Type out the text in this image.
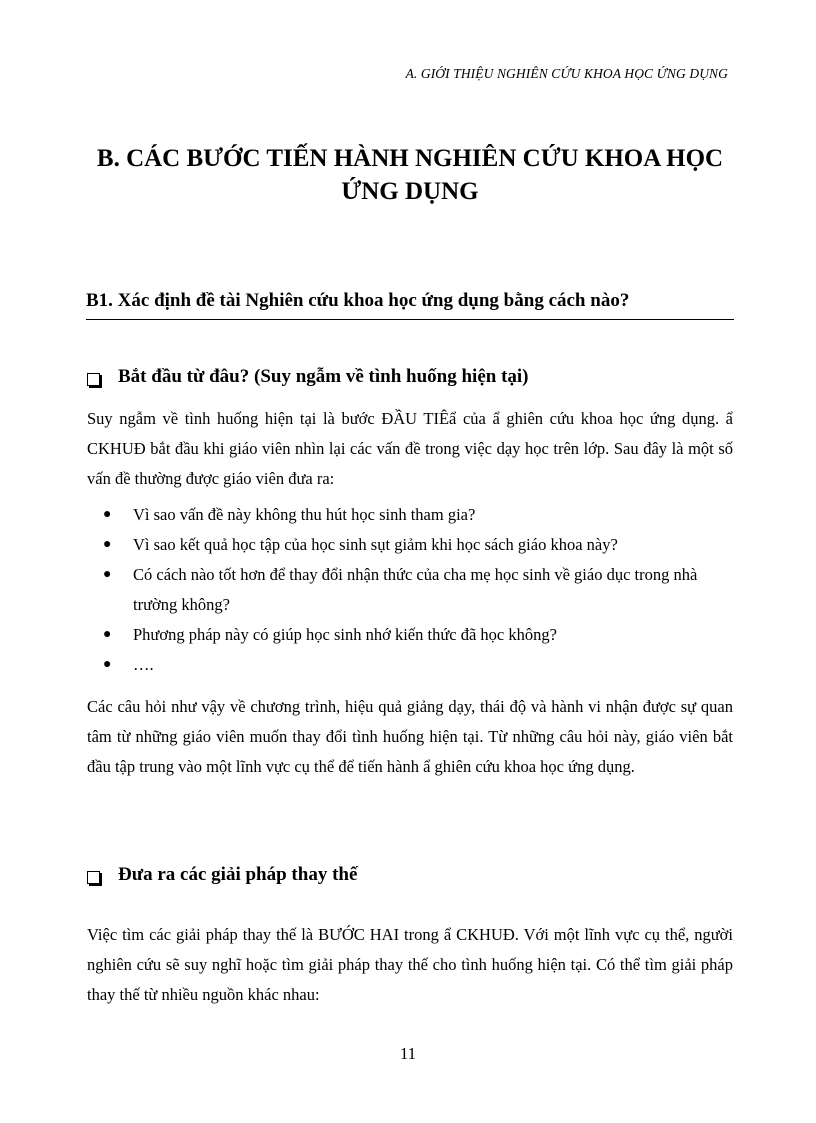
A. GIỚI THIỆU NGHIÊN CỨU KHOA HỌC ỨNG DỤNG
B. CÁC BƯỚC TIẾN HÀNH NGHIÊN CỨU KHOA HỌC ỨNG DỤNG
B1. Xác định đề tài Nghiên cứu khoa học ứng dụng bằng cách nào?
Bắt đầu từ đâu? (Suy ngẫm về tình huống hiện tại)

Suy ngẫm về tình huống hiện tại là bước ĐẦU TIÊẩ của ẩ ghiên cứu khoa học ứng dụng. ẩ CKHUĐ bắt đầu khi giáo viên nhìn lại các vấn đề trong việc dạy học trên lớp. Sau đây là một số vấn đề thường được giáo viên đưa ra:

● Vì sao vấn đề này không thu hút học sinh tham gia?
● Vì sao kết quả học tập của học sinh sụt giảm khi học sách giáo khoa này?
● Có cách nào tốt hơn để thay đổi nhận thức của cha mẹ học sinh về giáo dục trong nhà trường không?
● Phương pháp này có giúp học sinh nhớ kiến thức đã học không?
● ….

Các câu hỏi như vậy về chương trình, hiệu quả giảng dạy, thái độ và hành vi nhận được sự quan tâm từ những giáo viên muốn thay đổi tình huống hiện tại. Từ những câu hỏi này, giáo viên bắt đầu tập trung vào một lĩnh vực cụ thể để tiến hành ẩ ghiên cứu khoa học ứng dụng.

Đưa ra các giải pháp thay thế

Việc tìm các giải pháp thay thế là BƯỚC HAI trong ẩ CKHUĐ. Với một lĩnh vực cụ thể, người nghiên cứu sẽ suy nghĩ hoặc tìm giải pháp thay thế cho tình huống hiện tại. Có thể tìm giải pháp thay thế từ nhiều nguồn khác nhau:

11
